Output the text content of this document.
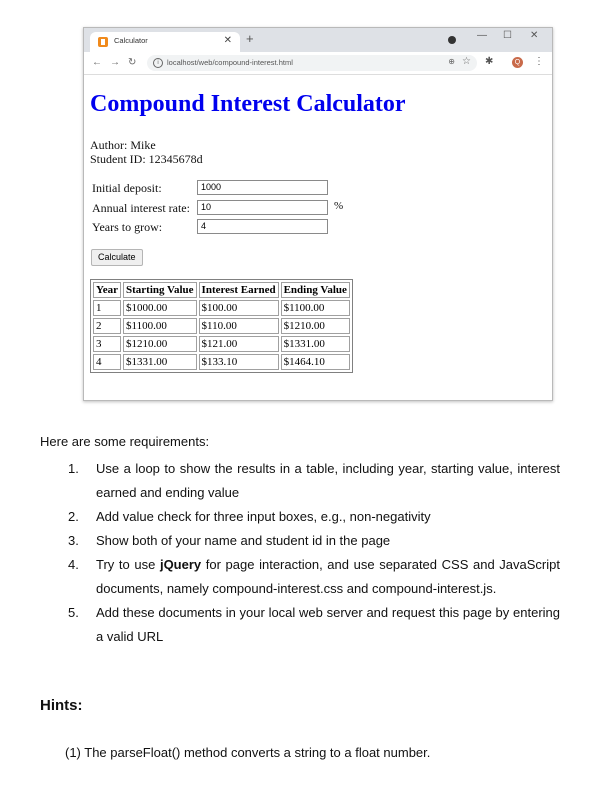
Calculator	✕ +	— ☐ ✕
← → ↻	i	localhost/web/compound-interest.html	⊕ ☆ ✱	Q ⋮
Compound Interest Calculator
Author: Mike
Student ID: 12345678d
Initial deposit:
1000
Annual interest rate:
10	%
Years to grow:
4
Calculate
Year	Starting Value	Interest Earned	Ending Value
1	$1000.00	$100.00	$1100.00
2	$1100.00	$110.00	$1210.00
3	$1210.00	$121.00	$1331.00
4	$1331.00	$133.10	$1464.10
Here are some requirements:
1. Use a loop to show the results in a table, including year, starting value, interest earned and ending value
2. Add value check for three input boxes, e.g., non-negativity
3. Show both of your name and student id in the page
4. Try to use jQuery for page interaction, and use separated CSS and JavaScript documents, namely compound-interest.css and compound-interest.js.
5. Add these documents in your local web server and request this page by entering a valid URL
Hints:
(1) The parseFloat() method converts a string to a float number.
